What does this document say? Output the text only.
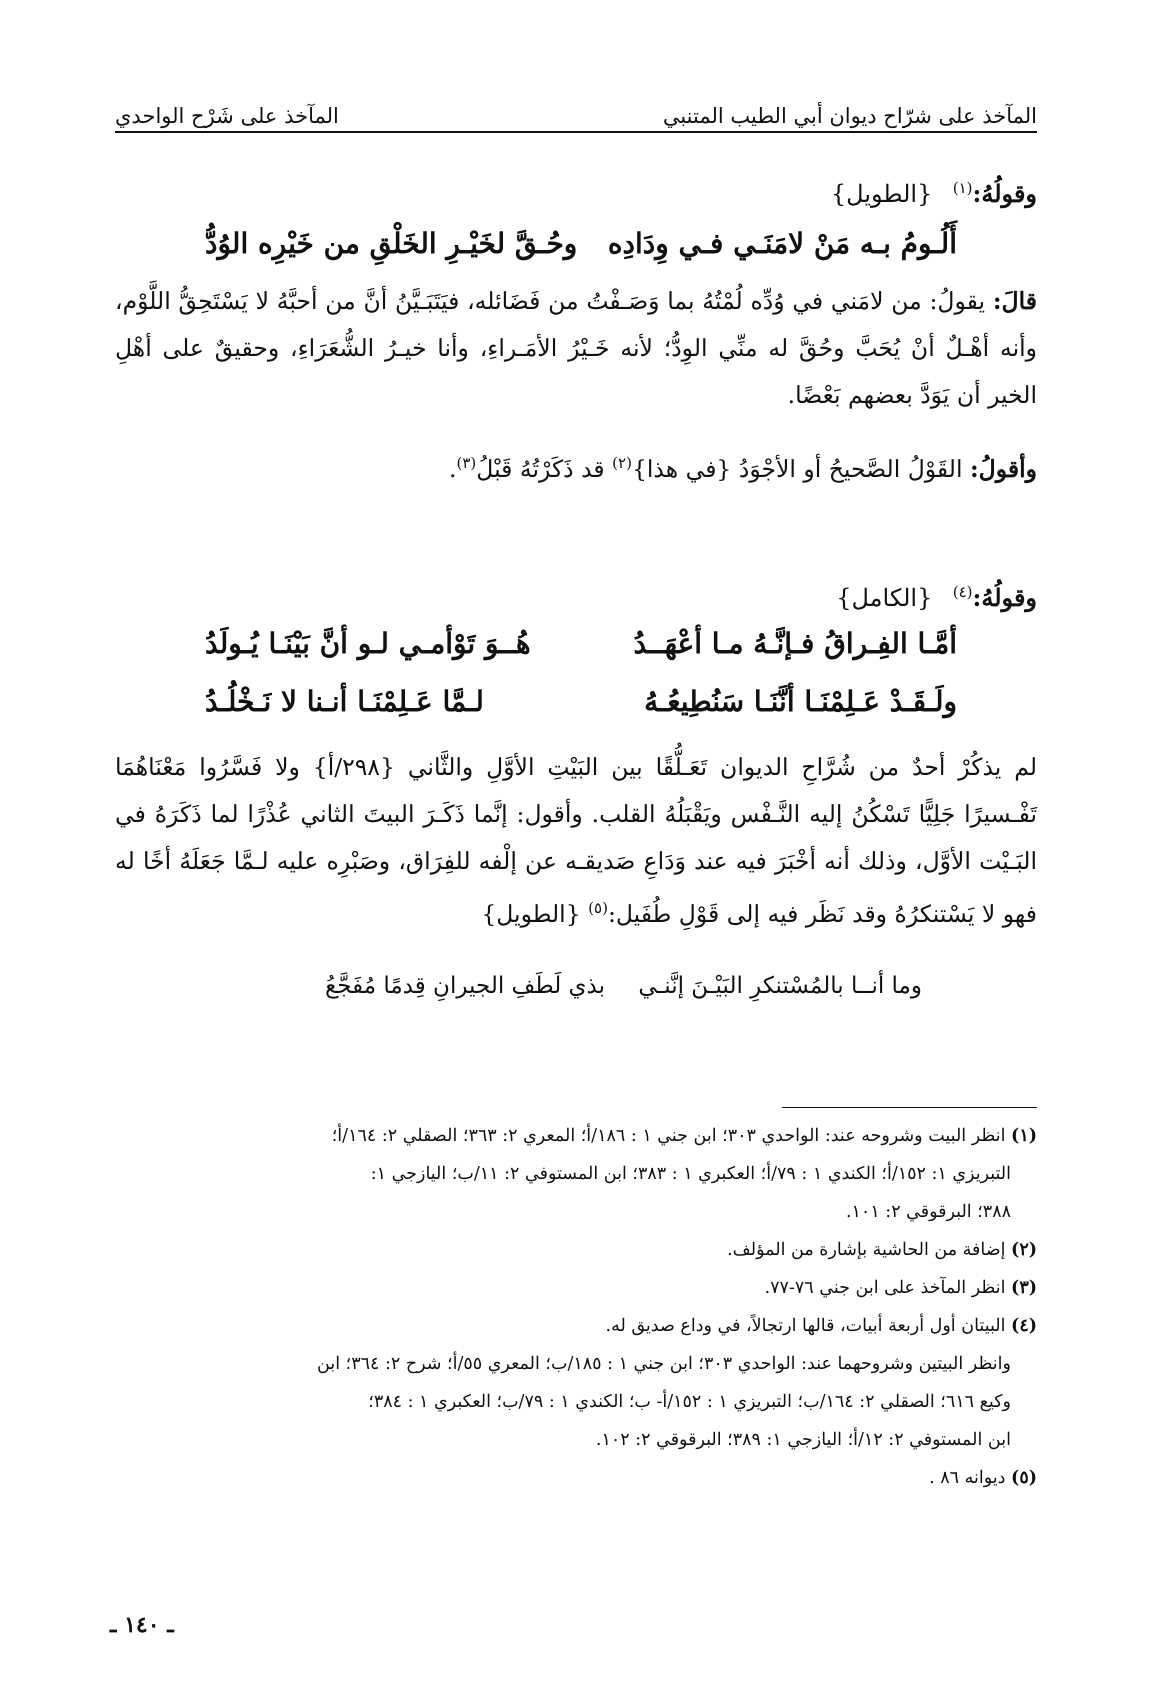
المآخذ على شرّاح ديوان أبي الطيب المتنبي
المآخذ على شَرْح الواحدي
وقولُهُ:$^{(١)}$ {الطويل}
أَلُـومُ بـه مَنْ لامَنَـي فـي وِدَادِه
وحُـقَّ لخَيْـرِ الخَلْقِ من خَيْرِه الوُدُّ
قالَ: يقولُ: من لامَني في وُدِّه لُمْتُهُ بما وَصَـفْتُ من فَضَائله، فيَتَبَـيَّنُ أنَّ من أحبَّهُ لا يَسْتَحِقُّ اللَّوْم، وأنه أهْـلٌ أنْ يُحَبَّ وحُقَّ له منِّي الوِدُّ؛ لأنه خَـيْرُ الأمَـراءِ، وأنا خيـرُ الشُّعَرَاءِ، وحقيقٌ على أهْلِ الخير أن يَوَدَّ بعضهم بَعْضًا.
وأقولُ: القَوْلُ الصَّحيحُ أو الأجْوَدُ {في هذا}$^{(٢)}$ قد ذَكَرْتُهُ قَبْلُ$^{(٣)}$.
وقولُهُ:$^{(٤)}$ {الكامل}
أمَّـا الفِـراقُ فـإنَّـهُ مـا أعْهَــدُ
هُــوَ تَوْأمـي لـو أنَّ بَيْنَـا يُـولَدُ
ولَـقَـدْ عَـلِمْنَـا أنَّنَـا سَنُطِيعُـهُ
لـمَّا عَـلِمْنَـا أنـنا لا نَـخْلُـدُ
لم يذكُرْ أحدٌ من شُرَّاحِ الديوان تَعَـلُّقًا بين البَيْتِ الأوَّلِ والثَّاني {٢٩٨/أ} ولا فَسَّرُوا مَعْنَاهُمَا تَفْـسيرًا جَلِيًّا تَسْكُنُ إليه النَّـفْس ويَقْبَلُهُ القلب. وأقول: إنَّما ذَكَـرَ البيتَ الثاني عُذْرًا لما ذَكَرَهُ في البَـيْت الأوَّل، وذلك أنه أخْبَرَ فيه عند وَدَاعِ صَديقـه عن إلْفه للفِرَاق، وصَبْرِه عليه لـمَّا جَعَلَهُ أخًا له فهو لا يَسْتنكرُهُ وقد نَظَر فيه إلى قَوْلِ طُفَيل:$^{(٥)}$ {الطويل}
وما أنــا بالمُسْتنكرِ البَيْـنَ إنَّنـي
بذي لَطَفِ الجيرانِ قِدمًا مُفَجَّعُ
(١) انظر البيت وشروحه عند: الواحدي ٣٠٣؛ ابن جني ١ : ١٨٦/أ؛ المعري ٢: ٣٦٣؛ الصقلي ٢: ١٦٤/أ؛
التبريزي ١: ١٥٢/أ؛ الكندي ١ : ٧٩/أ؛ العكبري ١ : ٣٨٣؛ ابن المستوفي ٢: ١١/ب؛ اليازجي ١:
٣٨٨؛ البرقوقي ٢: ١٠١.
(٢) إضافة من الحاشية بإشارة من المؤلف.
(٣) انظر المآخذ على ابن جني ٧٦-٧٧.
(٤) البيتان أول أربعة أبيات، قالها ارتجالاً، في وداع صديق له.
وانظر البيتين وشروحهما عند: الواحدي ٣٠٣؛ ابن جني ١ : ١٨٥/ب؛ المعري ٥٥/أ؛ شرح ٢: ٣٦٤؛ ابن
وكيع ٦١٦؛ الصقلي ٢: ١٦٤/ب؛ التبريزي ١ : ١٥٢/أ- ب؛ الكندي ١ : ٧٩/ب؛ العكبري ١ : ٣٨٤؛
ابن المستوفي ٢: ١٢/أ؛ اليازجي ١: ٣٨٩؛ البرقوقي ٢: ١٠٢.
(٥) ديوانه ٨٦ .
ـ ١٤٠ ـ
